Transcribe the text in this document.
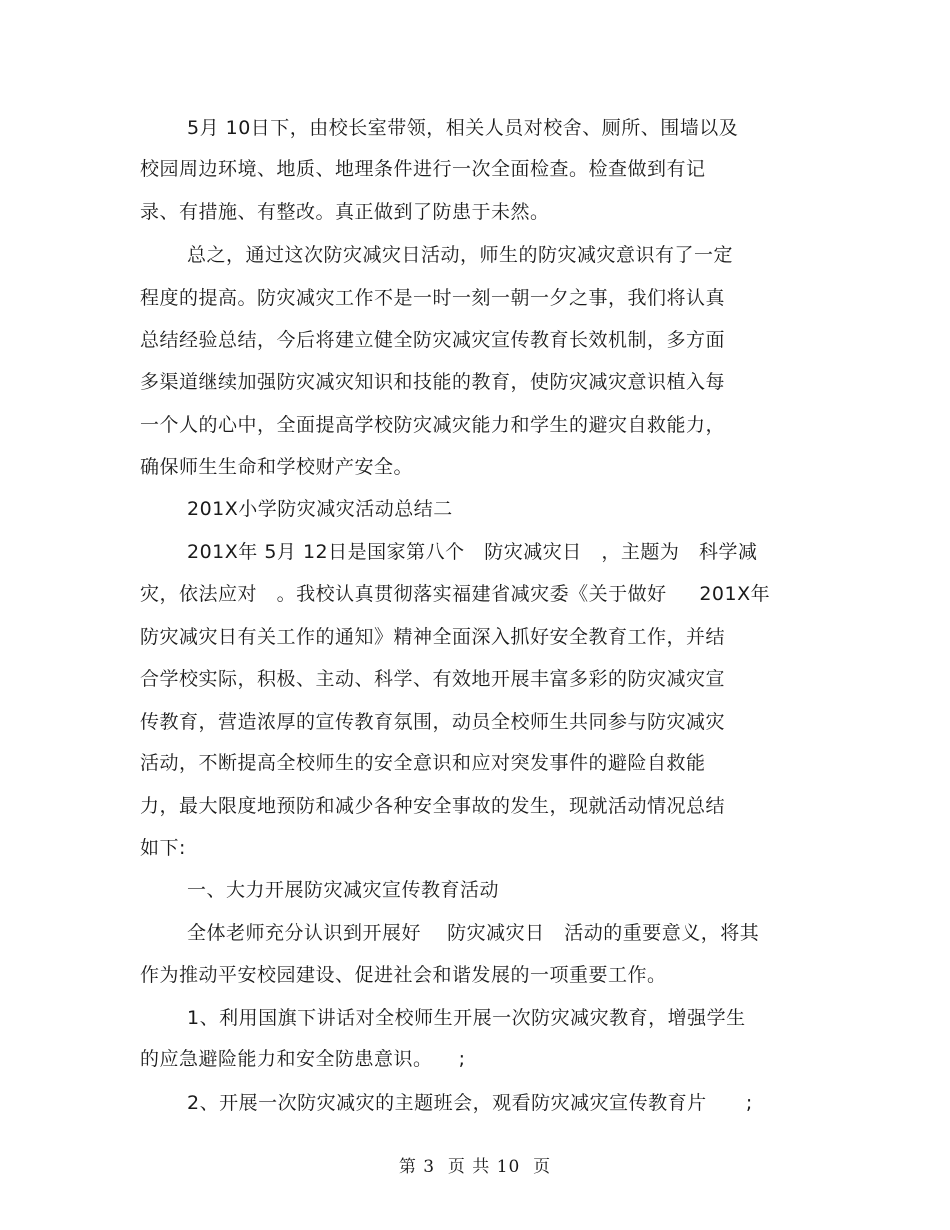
5月 10日下，由校长室带领，相关人员对校舍、厕所、围墙以及
校园周边环境、地质、地理条件进行一次全面检查。检查做到有记
录、有措施、有整改。真正做到了防患于未然。
总之，通过这次防灾减灾日活动，师生的防灾减灾意识有了一定
程度的提高。防灾减灾工作不是一时一刻一朝一夕之事，我们将认真
总结经验总结，今后将建立健全防灾减灾宣传教育长效机制，多方面
多渠道继续加强防灾减灾知识和技能的教育，使防灾减灾意识植入每
一个人的心中，全面提高学校防灾减灾能力和学生的避灾自救能力，
确保师生生命和学校财产安全。
201X小学防灾减灾活动总结二
201X年 5月 12日是国家第八个   防灾减灾日   ，主题为   科学减
灾，依法应对   。我校认真贯彻落实福建省减灾委《关于做好     201X年
防灾减灾日有关工作的通知》精神全面深入抓好安全教育工作，并结
合学校实际，积极、主动、科学、有效地开展丰富多彩的防灾减灾宣
传教育，营造浓厚的宣传教育氛围，动员全校师生共同参与防灾减灾
活动，不断提高全校师生的安全意识和应对突发事件的避险自救能
力，最大限度地预防和减少各种安全事故的发生，现就活动情况总结
如下:
一、大力开展防灾减灾宣传教育活动
全体老师充分认识到开展好    防灾减灾日   活动的重要意义，将其
作为推动平安校园建设、促进社会和谐发展的一项重要工作。
1、利用国旗下讲话对全校师生开展一次防灾减灾教育，增强学生
的应急避险能力和安全防患意识。    ;
2、开展一次防灾减灾的主题班会，观看防灾减灾宣传教育片      ;
第 3  页 共 10  页
